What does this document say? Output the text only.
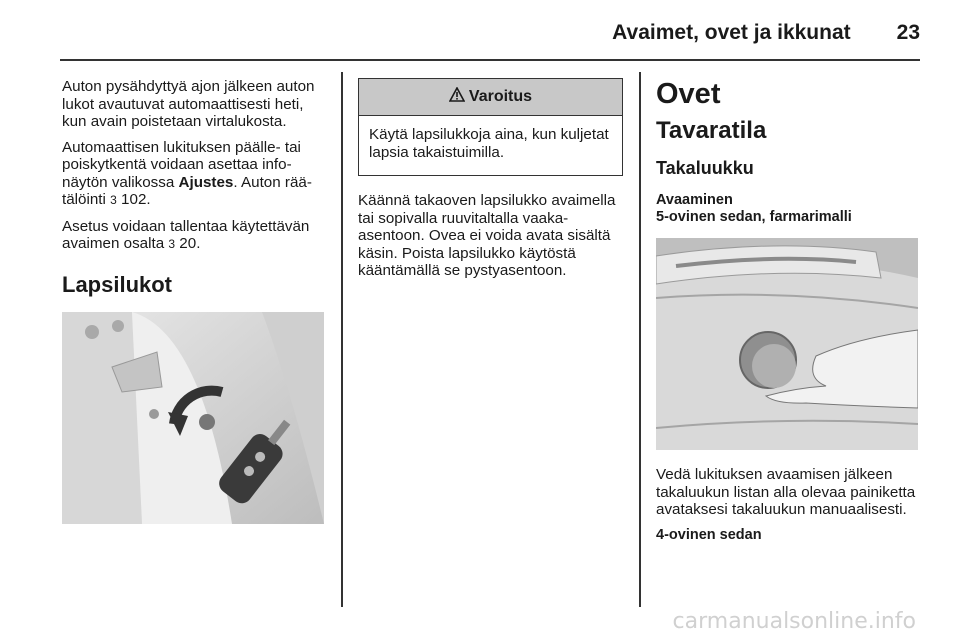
Avaimet, ovet ja ikkunat 23

Auton pysähdyttyä ajon jälkeen auton lukot avautuvat automaattisesti heti, kun avain poistetaan virtalukosta.

Automaattisen lukituksen päälle- tai poiskytkentä voidaan asettaa infonäytön valikossa Ajustes. Auton räätälöinti 3 102.

Asetus voidaan tallentaa käytettävän avaimen osalta 3 20.

Lapsilukot
Varoitus

Käytä lapsilukkoja aina, kun kuljetat lapsia takaistuimilla.

Käännä takaoven lapsilukko avaimella tai sopivalla ruuvitaltalla vaakaasentoon. Ovea ei voida avata sisältä käsin. Poista lapsilukko käytöstä kääntämällä se pystyasentoon.

Ovet
Tavaratila
Takaluukku
Avaaminen
5-ovinen sedan, farmarimalli

Vedä lukituksen avaamisen jälkeen takaluukun listan alla olevaa painiketta avataksesi takaluukun manuaalisesti.

4-ovinen sedan
carmanualsonline.info
